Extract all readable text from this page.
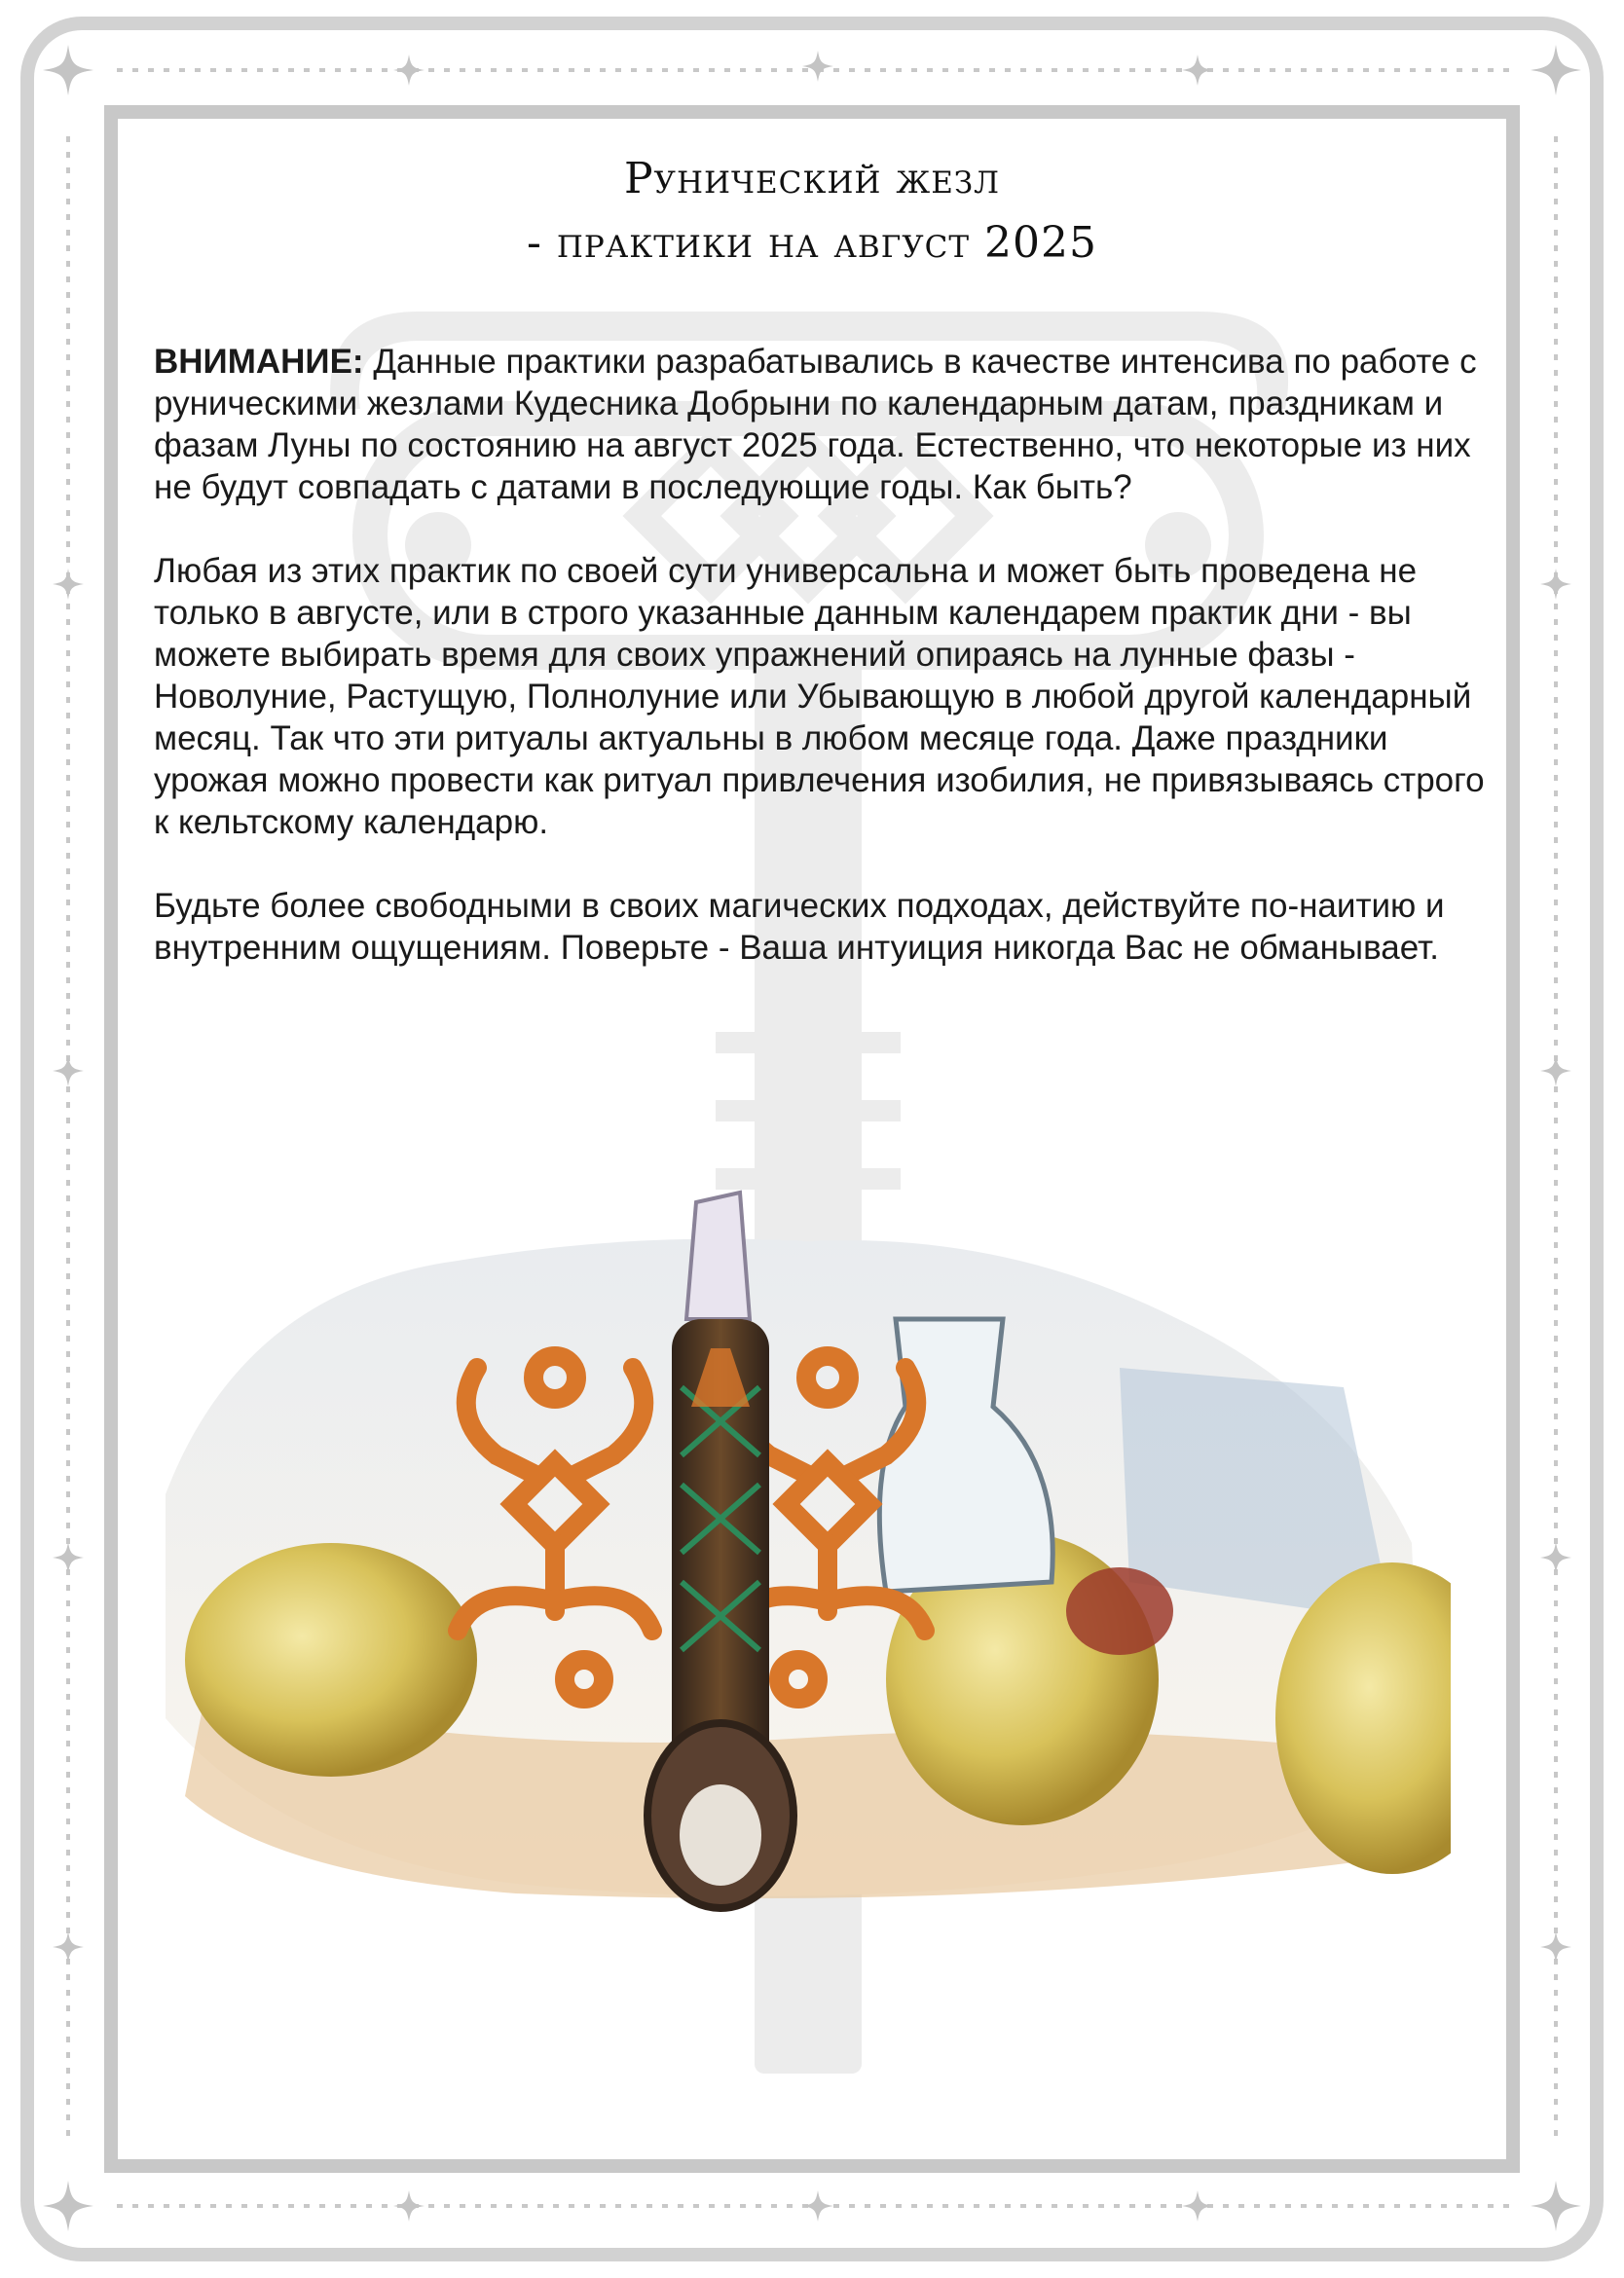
Рунический жезл
- практики на август 2025

ВНИМАНИЕ: Данные практики разрабатывались в качестве интенсива по работе с руническими жезлами Кудесника Добрыни по календарным датам, праздникам и фазам Луны по состоянию на август 2025 года. Естественно, что некоторые из них не будут совпадать с датами в последующие годы. Как быть?

Любая из этих практик по своей сути универсальна и может быть проведена не только в августе, или в строго указанные данным календарем практик дни - вы можете выбирать время для своих упражнений опираясь на лунные фазы - Новолуние, Растущую, Полнолуние или Убывающую в любой другой календарный месяц. Так что эти ритуалы актуальны в любом месяце года. Даже праздники урожая можно провести как ритуал привлечения изобилия, не привязываясь строго к кельтскому календарю.

Будьте более свободными в своих магических подходах, действуйте по-наитию и внутренним ощущениям. Поверьте - Ваша интуиция никогда Вас не обманывает.
